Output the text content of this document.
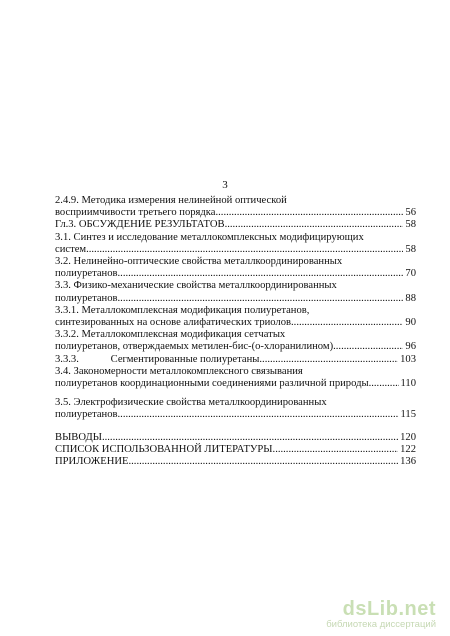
3
2.4.9. Методика измерения нелинейной оптической
восприимчивости третьего порядка .....	56
Гл.3. ОБСУЖДЕНИЕ РЕЗУЛЬТАТОВ .....	58
3.1. Синтез и исследование металлокомплексных модифицирующих
систем .....	58
3.2. Нелинейно-оптические свойства металлкоординированных
полиуретанов .....	70
3.3. Физико-механические свойства металлкоординированных
полиуретанов .....	88
3.3.1. Металлокомплексная модификация полиуретанов,
синтезированных на основе алифатических триолов .....	90
3.3.2. Металлокомплексная модификация сетчатых
полиуретанов, отверждаемых метилен-бис-(о-хлоранилином) .....	96
3.3.3.            Сегментированные полиуретаны .....	103
3.4. Закономерности металлокомплексного связывания
полиуретанов координационными соединениями различной природы .....	110
3.5. Электрофизические свойства металлкоординированных
полиуретанов .....	115
ВЫВОДЫ .....	120
СПИСОК ИСПОЛЬЗОВАННОЙ ЛИТЕРАТУРЫ .....	122
ПРИЛОЖЕНИЕ .....	136
dsLib.net
библиотека диссертаций
